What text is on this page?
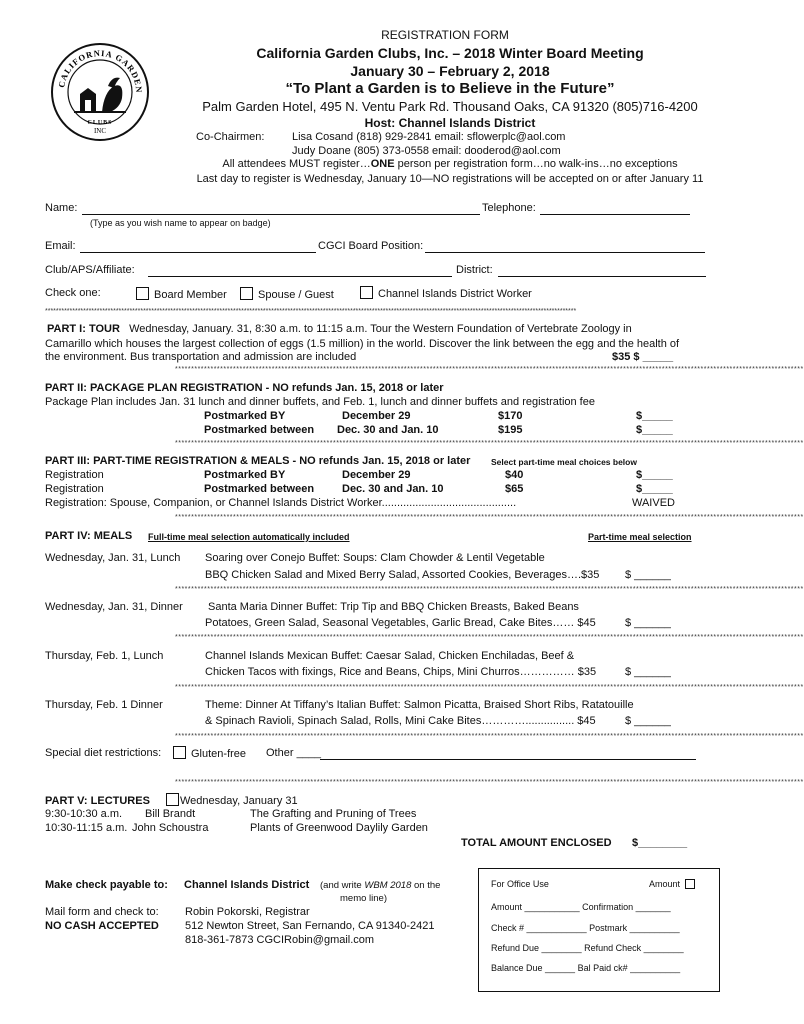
CALIFORNIA GARDEN
INC
CLUBS
REGISTRATION FORM
California Garden Clubs, Inc. – 2018 Winter Board Meeting
January 30 – February 2, 2018
“To Plant a Garden is to Believe in the Future”
Palm Garden Hotel, 495 N. Ventu Park Rd. Thousand Oaks, CA 91320 (805)716-4200
Host: Channel Islands District
Co-Chairmen:	Lisa Cosand (818) 929-2841 email: sflowerplc@aol.com
Judy Doane (805) 373-0558 email: dooderod@aol.com
All attendees MUST register…ONE person per registration form…no walk-ins…no exceptions
Last day to register is Wednesday, January 10—NO registrations will be accepted on or after January 11
Name:	Telephone:
(Type as you wish name to appear on badge)
Email:	CGCI Board Position:
Club/APS/Affiliate:	District:
Check one:	Board Member	Spouse / Guest	Channel Islands District Worker
***************************************************************************************************************************************************************************************************
PART I: TOUR Wednesday, January. 31, 8:30 a.m. to 11:15 a.m. Tour the Western Foundation of Vertebrate Zoology in
Camarillo which houses the largest collection of eggs (1.5 million) in the world. Discover the link between the egg and the health of
the environment. Bus transportation and admission are included	$35 $ _____
***************************************************************************************************************************************************************************************************
PART II: PACKAGE PLAN REGISTRATION - NO refunds Jan. 15, 2018 or later
Package Plan includes Jan. 31 lunch and dinner buffets, and Feb. 1, lunch and dinner buffets and registration fee
Postmarked BY	December 29	$170	$_____
Postmarked between Dec. 30 and Jan. 10	$195	$_____
***************************************************************************************************************************************************************************************************
PART III: PART-TIME REGISTRATION & MEALS - NO refunds Jan. 15, 2018 or later Select part-time meal choices below
Registration	Postmarked BY	December 29	$40	$_____
Registration	Postmarked between	Dec. 30 and Jan. 10	$65	$_____
Registration: Spouse, Companion, or Channel Islands District Worker............................................	WAIVED
***************************************************************************************************************************************************************************************************
PART IV: MEALS Full-time meal selection automatically included	Part-time meal selection
Wednesday, Jan. 31, Lunch Soaring over Conejo Buffet: Soups: Clam Chowder & Lentil Vegetable
BBQ Chicken Salad and Mixed Berry Salad, Assorted Cookies, Beverages….$35 $ ______
***************************************************************************************************************************************************************************************************
Wednesday, Jan. 31, Dinner Santa Maria Dinner Buffet: Trip Tip and BBQ Chicken Breasts, Baked Beans
Potatoes, Green Salad, Seasonal Vegetables, Garlic Bread, Cake Bites…… $45	$ ______
***************************************************************************************************************************************************************************************************
Thursday, Feb. 1, Lunch	Channel Islands Mexican Buffet: Caesar Salad, Chicken Enchiladas, Beef &
Chicken Tacos with fixings, Rice and Beans, Chips, Mini Churros…………… $35	$ ______
***************************************************************************************************************************************************************************************************
Thursday, Feb. 1 Dinner	Theme: Dinner At Tiffany’s Italian Buffet: Salmon Picatta, Braised Short Ribs, Ratatouille
& Spinach Ravioli, Spinach Salad, Rolls, Mini Cake Bites…………................ $45	$ ______
***************************************************************************************************************************************************************************************************
Special diet restrictions:	Gluten-free Other ____
***************************************************************************************************************************************************************************************************
PART V: LECTURES	Wednesday, January 31
9:30-10:30 a.m. Bill Brandt	The Grafting and Pruning of Trees
10:30-11:15 a.m. John Schoustra	Plants of Greenwood Daylily Garden
TOTAL AMOUNT ENCLOSED $________
Make check payable to: Channel Islands District (and write WBM 2018 on the
memo line)
Mail form and check to:
NO CASH ACCEPTED
Robin Pokorski, Registrar
512 Newton Street, San Fernando, CA 91340-2421
818-361-7873 CGCIRobin@gmail.com
For Office Use	Amount
Amount ___________ Confirmation _______
Check # ____________ Postmark __________
Refund Due ________ Refund Check ________
Balance Due ______ Bal Paid ck# __________
